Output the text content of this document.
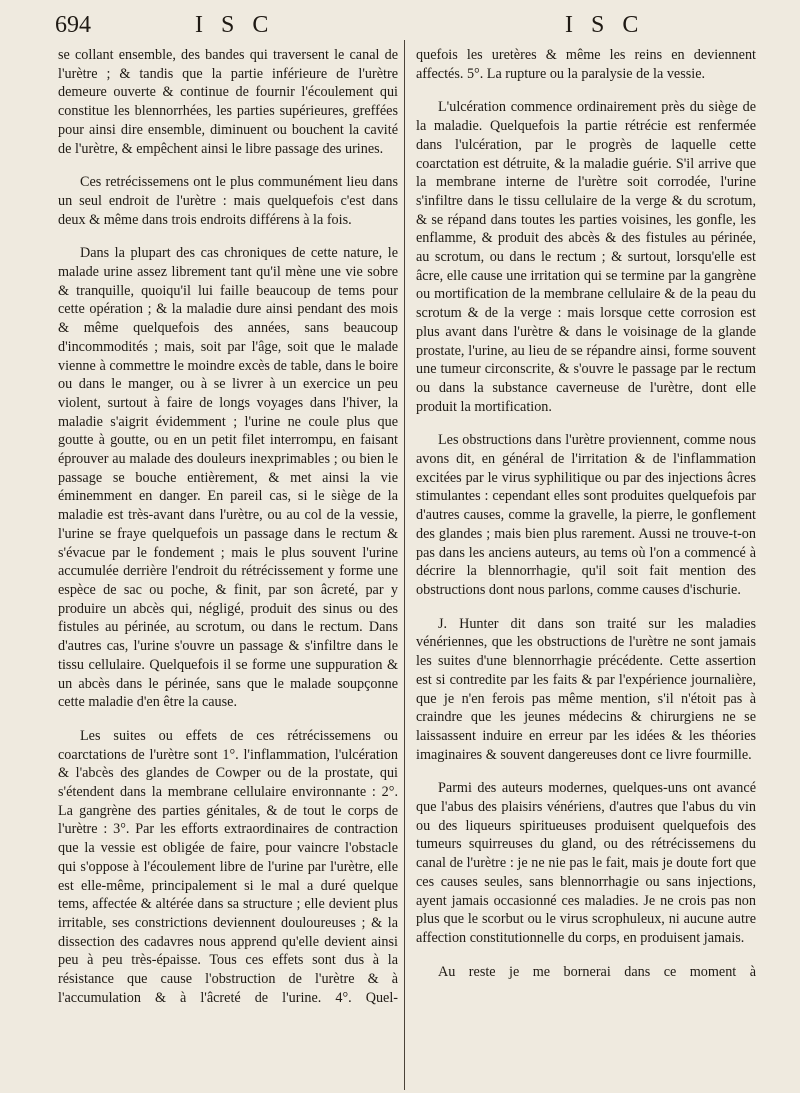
694	I S C	I S C

se collant ensemble, des bandes qui traversent le canal de l'urètre ; & tandis que la partie inférieure de l'urètre demeure ouverte & continue de fournir l'écoulement qui constitue les blennorrhées, les parties supérieures, greffées pour ainsi dire ensemble, diminuent ou bouchent la cavité de l'urètre, & empêchent ainsi le libre passage des urines.

Ces retrécissemens ont le plus communément lieu dans un seul endroit de l'urètre : mais quelquefois c'est dans deux & même dans trois endroits différens à la fois.

Dans la plupart des cas chroniques de cette nature, le malade urine assez librement tant qu'il mène une vie sobre & tranquille, quoiqu'il lui faille beaucoup de tems pour cette opération ; & la maladie dure ainsi pendant des mois & même quelquefois des années, sans beaucoup d'incommodités ; mais, soit par l'âge, soit que le malade vienne à commettre le moindre excès de table, dans le boire ou dans le manger, ou à se livrer à un exercice un peu violent, surtout à faire de longs voyages dans l'hiver, la maladie s'aigrit évidemment ; l'urine ne coule plus que goutte à goutte, ou en un petit filet interrompu, en faisant éprouver au malade des douleurs inexprimables ; ou bien le passage se bouche entièrement, & met ainsi la vie éminemment en danger. En pareil cas, si le siège de la maladie est très-avant dans l'urètre, ou au col de la vessie, l'urine se fraye quelquefois un passage dans le rectum & s'évacue par le fondement ; mais le plus souvent l'urine accumulée derrière l'endroit du rétrécissement y forme une espèce de sac ou poche, & finit, par son âcreté, par y produire un abcès qui, négligé, produit des sinus ou des fistules au périnée, au scrotum, ou dans le rectum. Dans d'autres cas, l'urine s'ouvre un passage & s'infiltre dans le tissu cellulaire. Quelquefois il se forme une suppuration & un abcès dans le périnée, sans que le malade soupçonne cette maladie d'en être la cause.

Les suites ou effets de ces rétrécissemens ou coarctations de l'urètre sont 1°. l'inflammation, l'ulcération & l'abcès des glandes de Cowper ou de la prostate, qui s'étendent dans la membrane cellulaire environnante : 2°. La gangrène des parties génitales, & de tout le corps de l'urètre : 3°. Par les efforts extraordinaires de contraction que la vessie est obligée de faire, pour vaincre l'obstacle qui s'oppose à l'écoulement libre de l'urine par l'urètre, elle est elle-même, principalement si le mal a duré quelque tems, affectée & altérée dans sa structure ; elle devient plus irritable, ses constrictions deviennent douloureuses ; & la dissection des cadavres nous apprend qu'elle devient ainsi peu à peu très-épaisse. Tous ces effets sont dus à la résistance que cause l'obstruction de l'urètre & à l'accumulation & à l'âcreté de l'urine. 4°. Quel-

quefois les uretères & même les reins en deviennent affectés. 5°. La rupture ou la paralysie de la vessie.

L'ulcération commence ordinairement près du siège de la maladie. Quelquefois la partie rétrécie est renfermée dans l'ulcération, par le progrès de laquelle cette coarctation est détruite, & la maladie guérie. S'il arrive que la membrane interne de l'urètre soit corrodée, l'urine s'infiltre dans le tissu cellulaire de la verge & du scrotum, & se répand dans toutes les parties voisines, les gonfle, les enflamme, & produit des abcès & des fistules au périnée, au scrotum, ou dans le rectum ; & surtout, lorsqu'elle est âcre, elle cause une irritation qui se termine par la gangrène ou mortification de la membrane cellulaire & de la peau du scrotum & de la verge : mais lorsque cette corrosion est plus avant dans l'urètre & dans le voisinage de la glande prostate, l'urine, au lieu de se répandre ainsi, forme souvent une tumeur circonscrite, & s'ouvre le passage par le rectum ou dans la substance caverneuse de l'urètre, dont elle produit la mortification.

Les obstructions dans l'urètre proviennent, comme nous avons dit, en général de l'irritation & de l'inflammation excitées par le virus syphilitique ou par des injections âcres stimulantes : cependant elles sont produites quelquefois par d'autres causes, comme la gravelle, la pierre, le gonflement des glandes ; mais bien plus rarement. Aussi ne trouve-t-on pas dans les anciens auteurs, au tems où l'on a commencé à décrire la blennorrhagie, qu'il soit fait mention des obstructions dont nous parlons, comme causes d'ischurie.

J. Hunter dit dans son traité sur les maladies vénériennes, que les obstructions de l'urètre ne sont jamais les suites d'une blennorrhagie précédente. Cette assertion est si contredite par les faits & par l'expérience journalière, que je n'en ferois pas même mention, s'il n'étoit pas à craindre que les jeunes médecins & chirurgiens ne se laissassent induire en erreur par les idées & les théories imaginaires & souvent dangereuses dont ce livre fourmille.

Parmi des auteurs modernes, quelques-uns ont avancé que l'abus des plaisirs vénériens, d'autres que l'abus du vin ou des liqueurs spiritueuses produisent quelquefois des tumeurs squirreuses du gland, ou des rétrécissemens du canal de l'urètre : je ne nie pas le fait, mais je doute fort que ces causes seules, sans blennorrhagie ou sans injections, ayent jamais occasionné ces maladies. Je ne crois pas non plus que le scorbut ou le virus scrophuleux, ni aucune autre affection constitutionnelle du corps, en produisent jamais.

Au reste je me bornerai dans ce moment à
